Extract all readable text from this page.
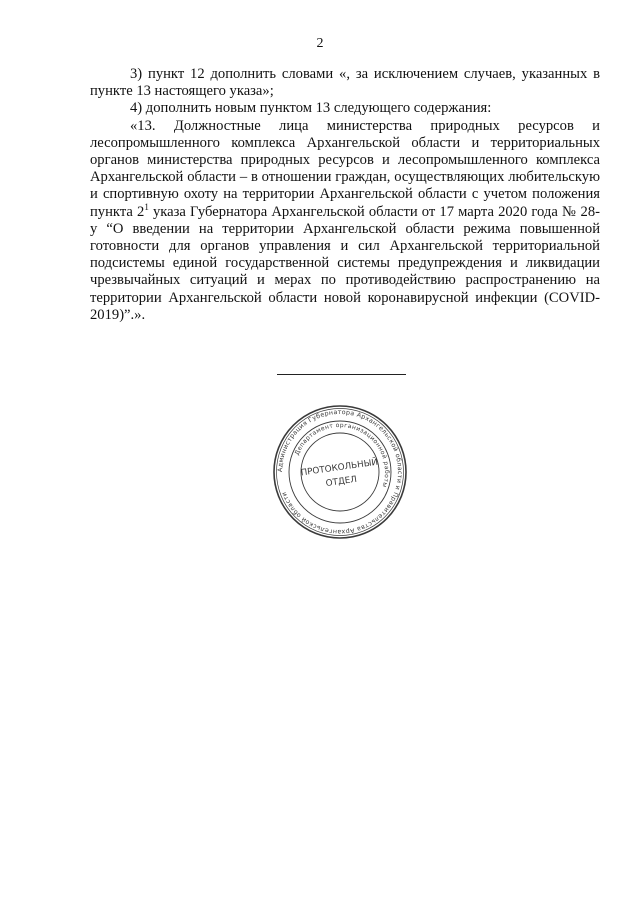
2

3) пункт 12 дополнить словами «, за исключением случаев, указанных в пункте 13 настоящего указа»;

4) дополнить новым пунктом 13 следующего содержания:

«13. Должностные лица министерства природных ресурсов и лесопромышленного комплекса Архангельской области и территориальных органов министерства природных ресурсов и лесопромышленного комплекса Архангельской области – в отношении граждан, осуществляющих любительскую и спортивную охоту на территории Архангельской области с учетом положения пункта $2^1$ указа Губернатора Архангельской области от 17 марта 2020 года № 28-у “О введении на территории Архангельской области режима повышенной готовности для органов управления и сил Архангельской территориальной подсистемы единой государственной системы предупреждения и ликвидации чрезвычайных ситуаций и мерах по противодействию распространению на территории Архангельской области новой коронавирусной инфекции (COVID-2019)”.».

Администрация Губернатора Архангельской области и Правительства Архангельской области
Департамент организационной работы
ПРОТОКОЛЬНЫЙ
ОТДЕЛ
